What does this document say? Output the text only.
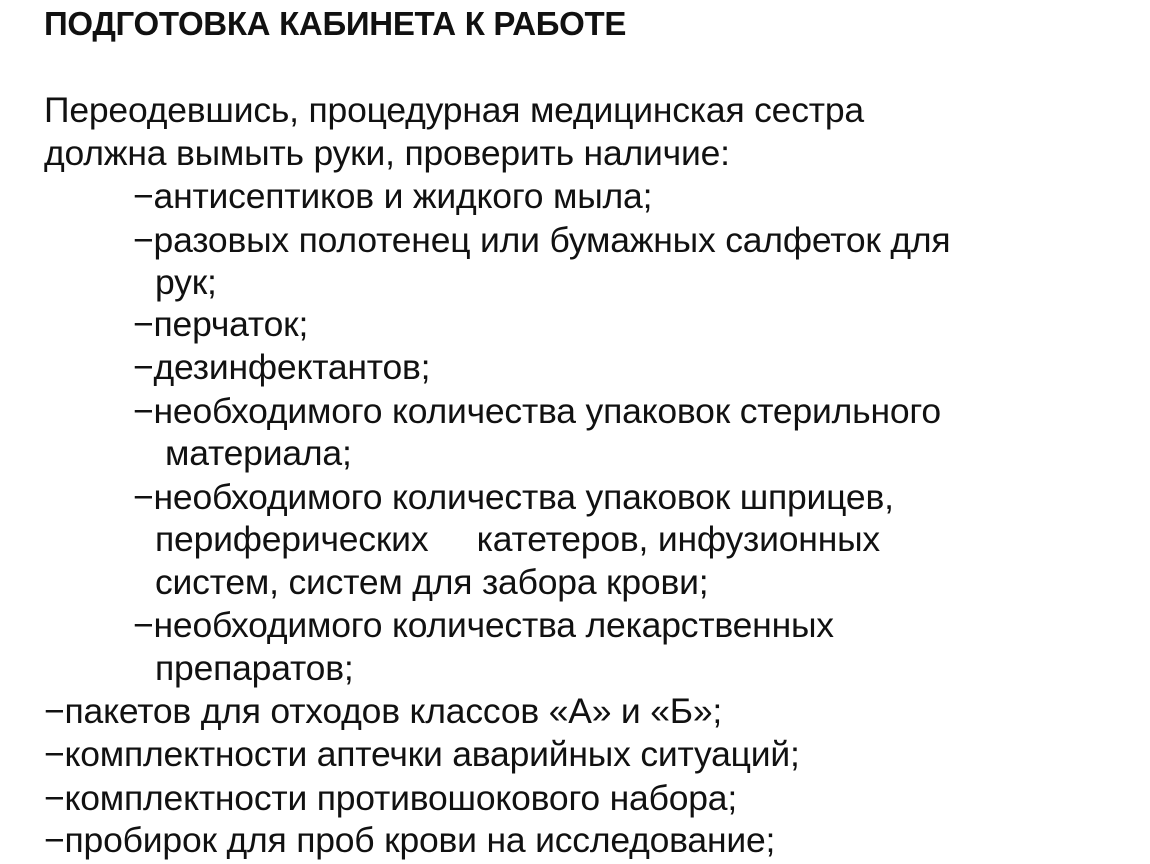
ПОДГОТОВКА КАБИНЕТА К РАБОТЕ
Переодевшись, процедурная медицинская сестра
должна вымыть руки, проверить наличие:
−антисептиков и жидкого мыла;
−разовых полотенец или бумажных салфеток для
рук;
−перчаток;
−дезинфектантов;
−необходимого количества упаковок стерильного
материала;
−необходимого количества упаковок шприцев,
периферических     катетеров, инфузионных
систем, систем для забора крови;
−необходимого количества лекарственных
препаратов;
−пакетов для отходов классов «А» и «Б»;
−комплектности аптечки аварийных ситуаций;
−комплектности противошокового набора;
−пробирок для проб крови на исследование;
